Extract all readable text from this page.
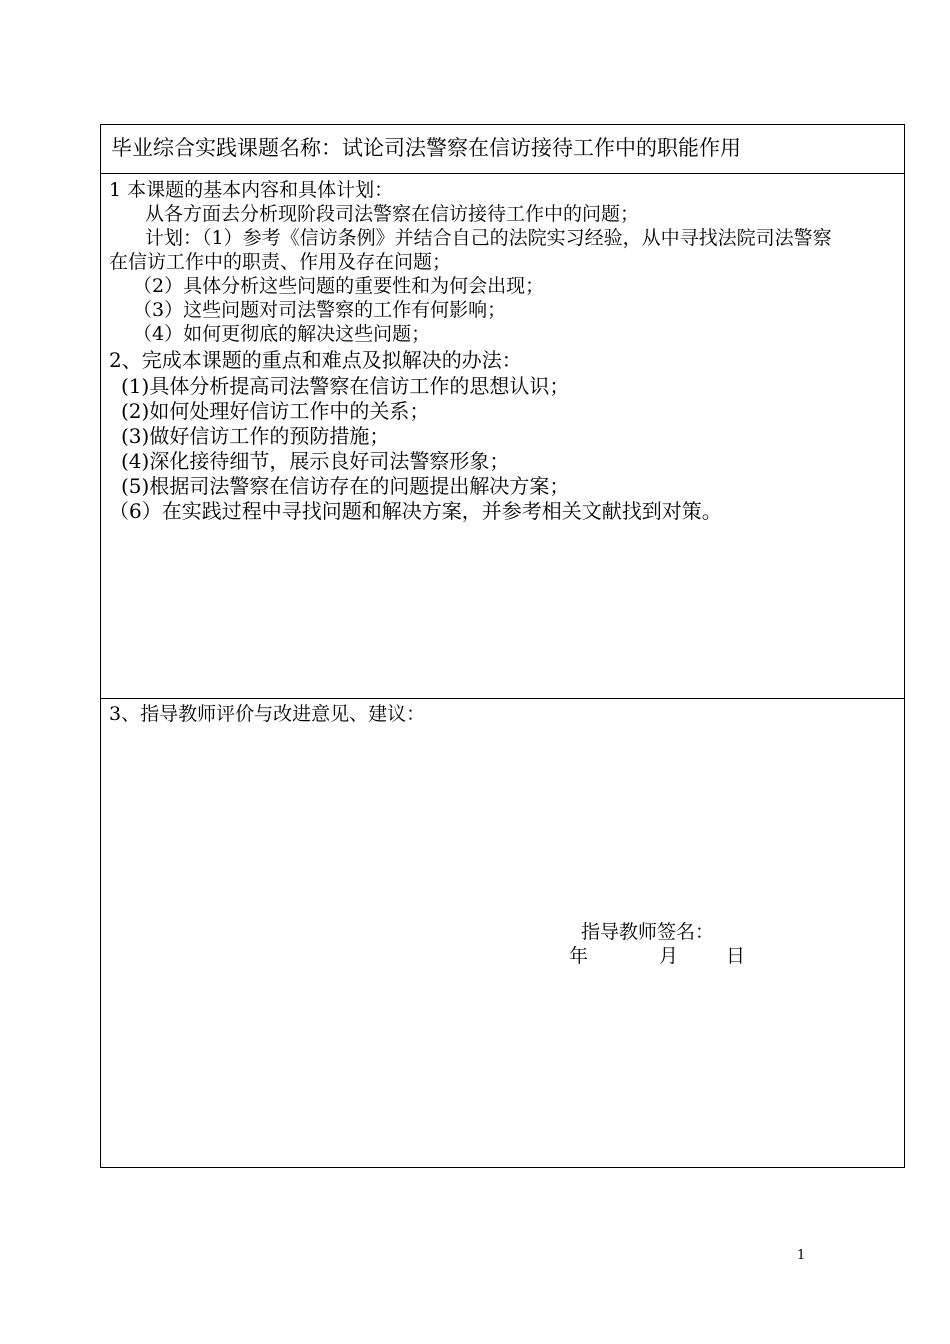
毕业综合实践课题名称：试论司法警察在信访接待工作中的职能作用
1 本课题的基本内容和具体计划：
从各方面去分析现阶段司法警察在信访接待工作中的问题；
计划：（1）参考《信访条例》并结合自己的法院实习经验，从中寻找法院司法警察
在信访工作中的职责、作用及存在问题；
（2）具体分析这些问题的重要性和为何会出现；
（3）这些问题对司法警察的工作有何影响；
（4）如何更彻底的解决这些问题；
2、完成本课题的重点和难点及拟解决的办法：
(1)具体分析提高司法警察在信访工作的思想认识；
(2)如何处理好信访工作中的关系；
(3)做好信访工作的预防措施；
(4)深化接待细节，展示良好司法警察形象；
(5)根据司法警察在信访存在的问题提出解决方案；
（6）在实践过程中寻找问题和解决方案，并参考相关文献找到对策。
3、指导教师评价与改进意见、建议：
指导教师签名：
年	月	日
1
